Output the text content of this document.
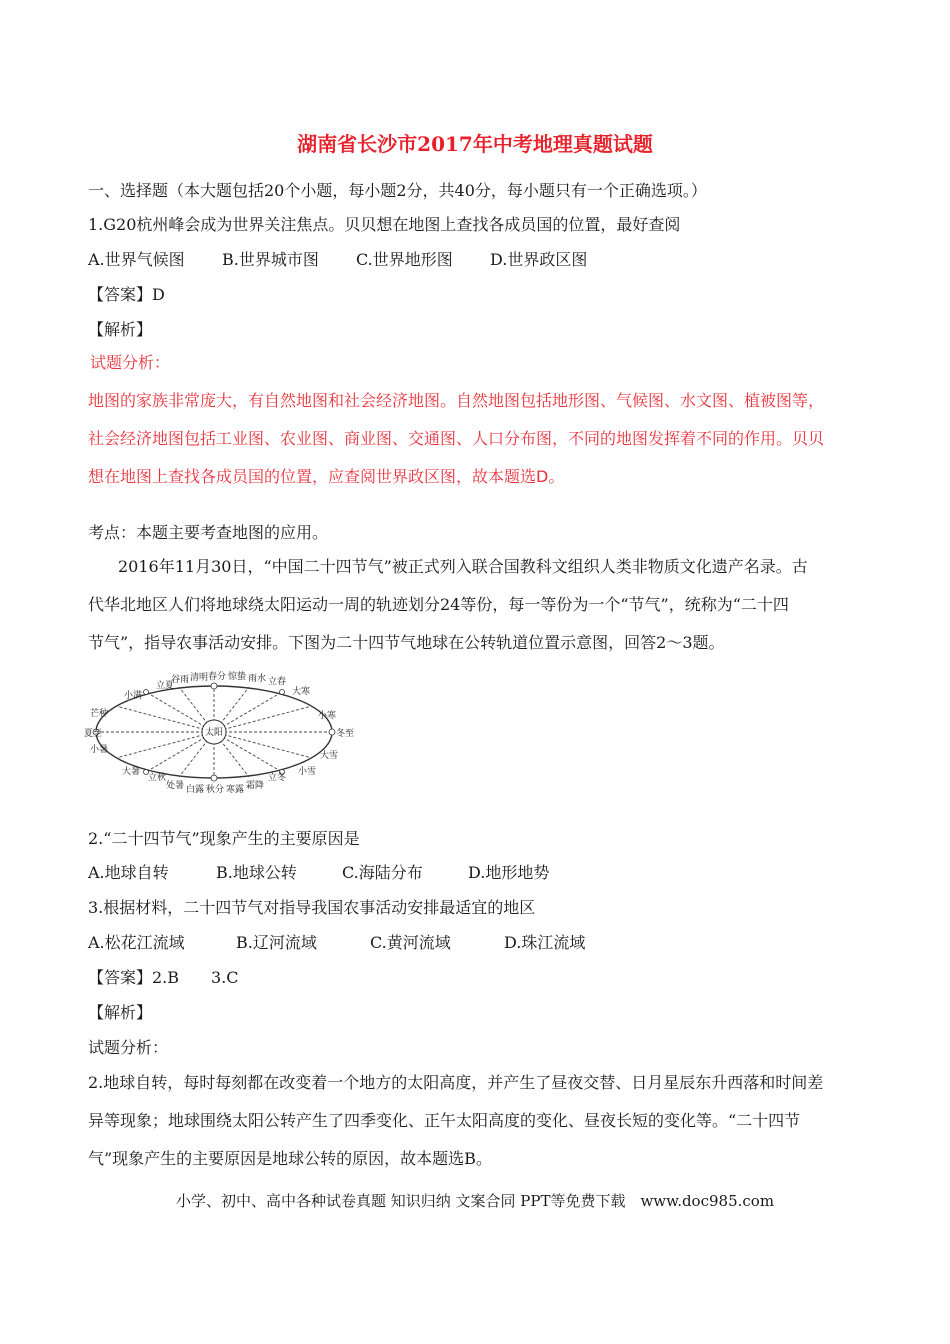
湖南省长沙市2017年中考地理真题试题
一、选择题（本大题包括20个小题，每小题2分，共40分，每小题只有一个正确选项。）
1.G20杭州峰会成为世界关注焦点。贝贝想在地图上查找各成员国的位置，最好查阅
A.世界气候图 B.世界城市图 C.世界地形图 D.世界政区图
【答案】D
【解析】
试题分析：
地图的家族非常庞大，有自然地图和社会经济地图。自然地图包括地形图、气候图、水文图、植被图等，
社会经济地图包括工业图、农业图、商业图、交通图、人口分布图，不同的地图发挥着不同的作用。贝贝
想在地图上查找各成员国的位置，应查阅世界政区图，故本题选D。
考点：本题主要考查地图的应用。
2016年11月30日，“中国二十四节气”被正式列入联合国教科文组织人类非物质文化遗产名录。古
代华北地区人们将地球绕太阳运动一周的轨迹划分24等份，每一等份为一个“节气”，统称为“二十四
节气”，指导农事活动安排。下图为二十四节气地球在公转轨道位置示意图，回答2～3题。
太阳
立夏
谷雨 清明 春分 惊蛰 雨水 立春
小满
芒种
夏至
小暑
大暑
大寒
小寒
冬至
大雪
小雪
立秋
处暑 白露 秋分 寒露 霜降
立冬
2.“二十四节气”现象产生的主要原因是
A.地球自转	B.地球公转	C.海陆分布	D.地形地势
3.根据材料，二十四节气对指导我国农事活动安排最适宜的地区
A.松花江流域	B.辽河流域	C.黄河流域	D.珠江流域
【答案】2.B　　3.C
【解析】
试题分析：
2.地球自转，每时每刻都在改变着一个地方的太阳高度，并产生了昼夜交替、日月星辰东升西落和时间差
异等现象；地球围绕太阳公转产生了四季变化、正午太阳高度的变化、昼夜长短的变化等。“二十四节
气”现象产生的主要原因是地球公转的原因，故本题选B。
小学、初中、高中各种试卷真题 知识归纳 文案合同 PPT等免费下载　www.doc985.com
